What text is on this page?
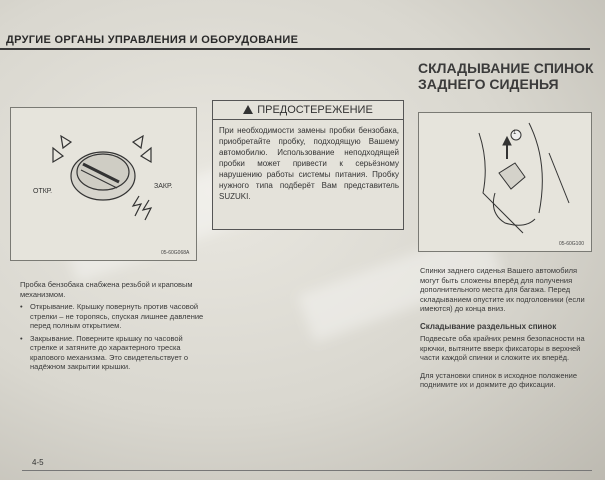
ДРУГИЕ ОРГАНЫ УПРАВЛЕНИЯ И ОБОРУДОВАНИЕ
ОТКР.
ЗАКР.
05-60G068A
ПРЕДОСТЕРЕЖЕНИЕ
При необходимости замены пробки бензобака, приобретайте пробку, подходящую Вашему автомобилю. Использование неподходящей пробки может привести к серьёзному нарушению работы системы питания. Пробку нужного типа подберёт Вам представитель SUZUKI.
СКЛАДЫВАНИЕ СПИНОК
ЗАДНЕГО СИДЕНЬЯ
1
05-60G100

Пробка бензобака снабжена резьбой и краповым механизмом.

• Открывание. Крышку повернуть против часовой стрелки – не торопясь, спуская лишнее давление перед полным открытием.

• Закрывание. Поверните крышку по часовой стрелке и затяните до характерного треска кpапового механизма. Это свидетельствует о надёжном закрытии крышки.

Спинки заднего сиденья Вашего автомобиля могут быть сложены вперёд для получения дополнительного места для багажа. Перед складыванием опустите их подголовники (если имеются) до конца вниз.

Складывание раздельных спинок

Подвесьте оба крайних ремня безопасности на крючки, вытяните вверх фиксаторы в верхней части каждой спинки и сложите их вперёд.

Для установки спинок в исходное положение поднимите их и дожмите до фиксации.

4-5
